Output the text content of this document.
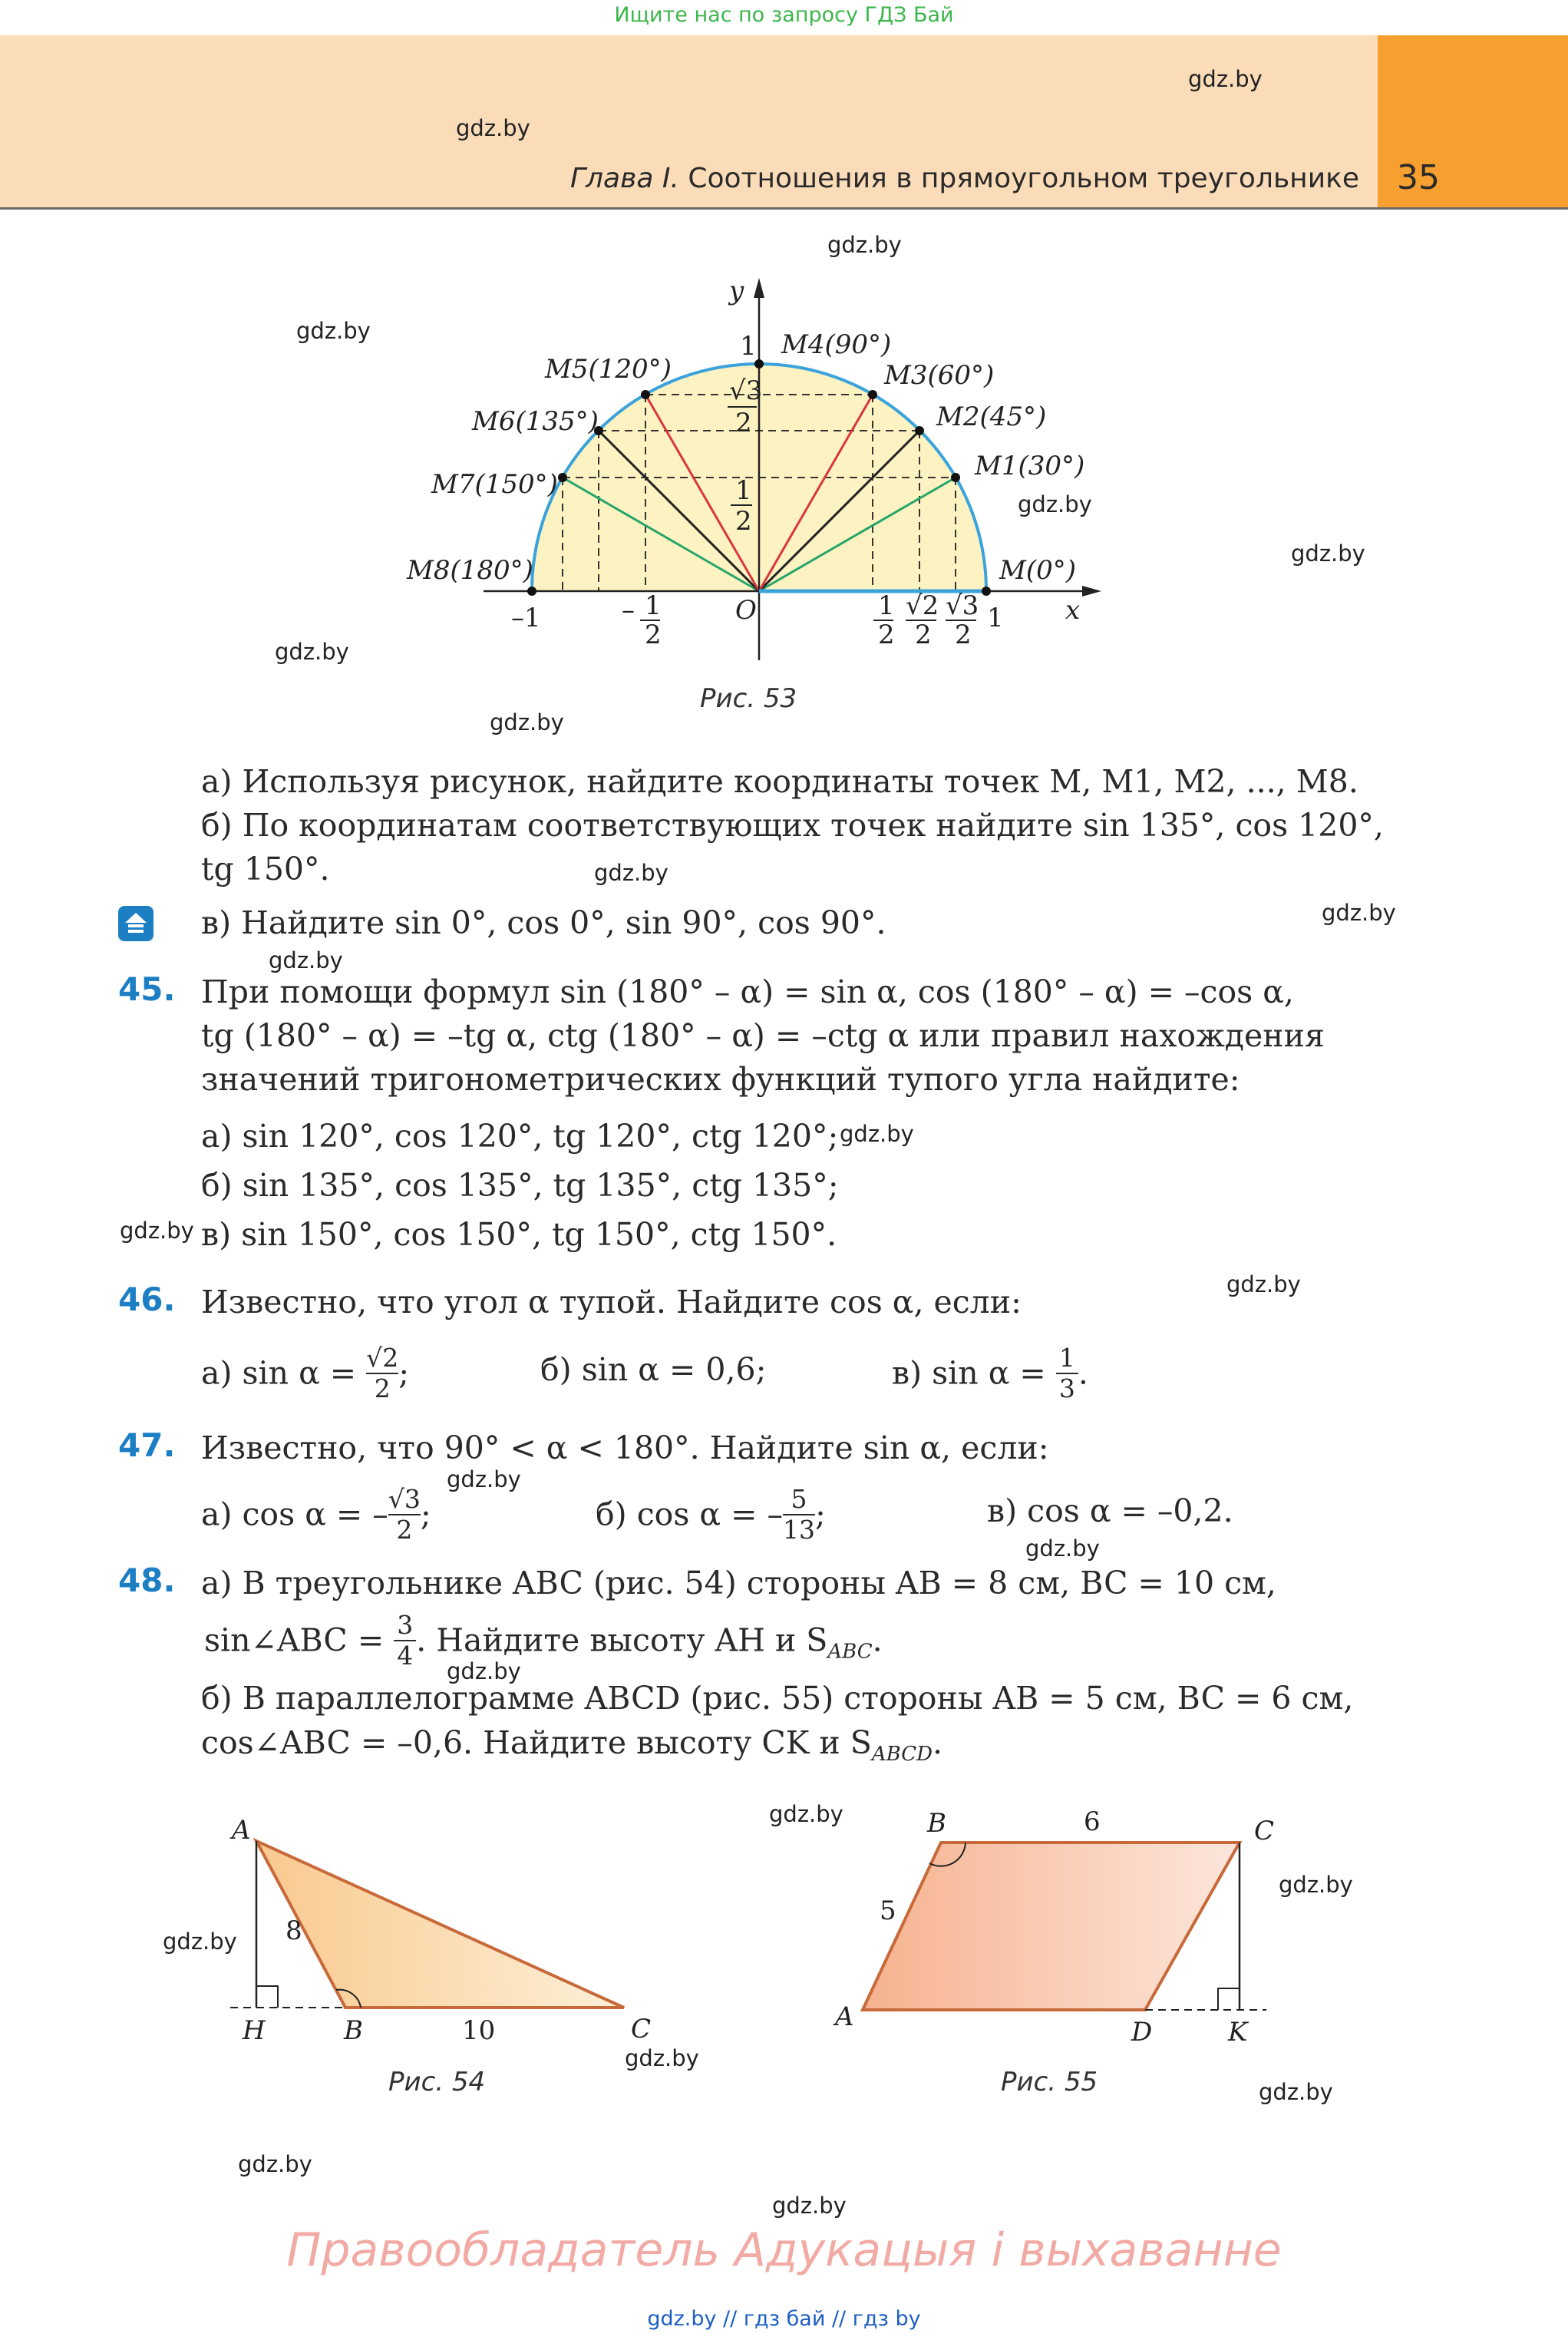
Ищите нас по запросу ГДЗ Бай
Глава I. Соотношения в прямоугольном треугольнике 35
gdz.by
gdz.by
gdz.by
gdz.by
gdz.by
gdz.by
gdz.by
gdz.by
gdz.by
gdz.by
gdz.by
gdz.by
gdz.by
gdz.by
gdz.by
gdz.by
gdz.by
gdz.by
gdz.by
gdz.by
gdz.by
gdz.by
gdz.by
gdz.by
y
x
O
1 M4(90°)
M3(60°)
M5(120°)
M2(45°)
M6(135°)
M1(30°)
M7(150°)
M(0°)
M8(180°)
–1	1
√3
2
1
2
– 1
2
1
2
√2
2
√3
2
Рис. 53
а) Используя рисунок, найдите координаты точек M, M1, M2, ..., M8.
б) По координатам соответствующих точек найдите sin 135°, cos 120°,
tg 150°.
в) Найдите sin 0°, cos 0°, sin 90°, cos 90°.
45. При помощи формул sin (180° – α) = sin α, cos (180° – α) = –cos α,
tg (180° – α) = –tg α, ctg (180° – α) = –ctg α или правил нахождения
значений тригонометрических функций тупого угла найдите:
а) sin 120°, cos 120°, tg 120°, ctg 120°;
б) sin 135°, cos 135°, tg 135°, ctg 135°;
в) sin 150°, cos 150°, tg 150°, ctg 150°.
46. Известно, что угол α тупой. Найдите cos α, если:
а) $\sin \alpha = \frac{√2}{2}$ ;	б) sin α = 0,6;	в) $\sin \alpha = \frac{1}{3}$ .
47. Известно, что 90° < α < 180°. Найдите sin α, если:
а) cos α = – $\frac{√3}{2}$ ;	б) cos α = – $\frac{5}{13}$ ;	в) cos α = –0,2.
48. а) В треугольнике ABC (рис. 54) стороны AB = 8 см, BC = 10 см,
sin∠ABC = $\frac{3}{4}$ . Найдите высоту AH и $S_{ABC}$.
б) В параллелограмме ABCD (рис. 55) стороны AB = 5 см, BC = 6 см,
cos∠ABC = –0,6. Найдите высоту CK и $S_{ABCD}$.
A
H	B	C
8
10
Рис. 54
B	C
A	D	K
5
6
Рис. 55
Правообладатель Адукацыя і выхаванне
gdz.by // гдз бай // гдз by
